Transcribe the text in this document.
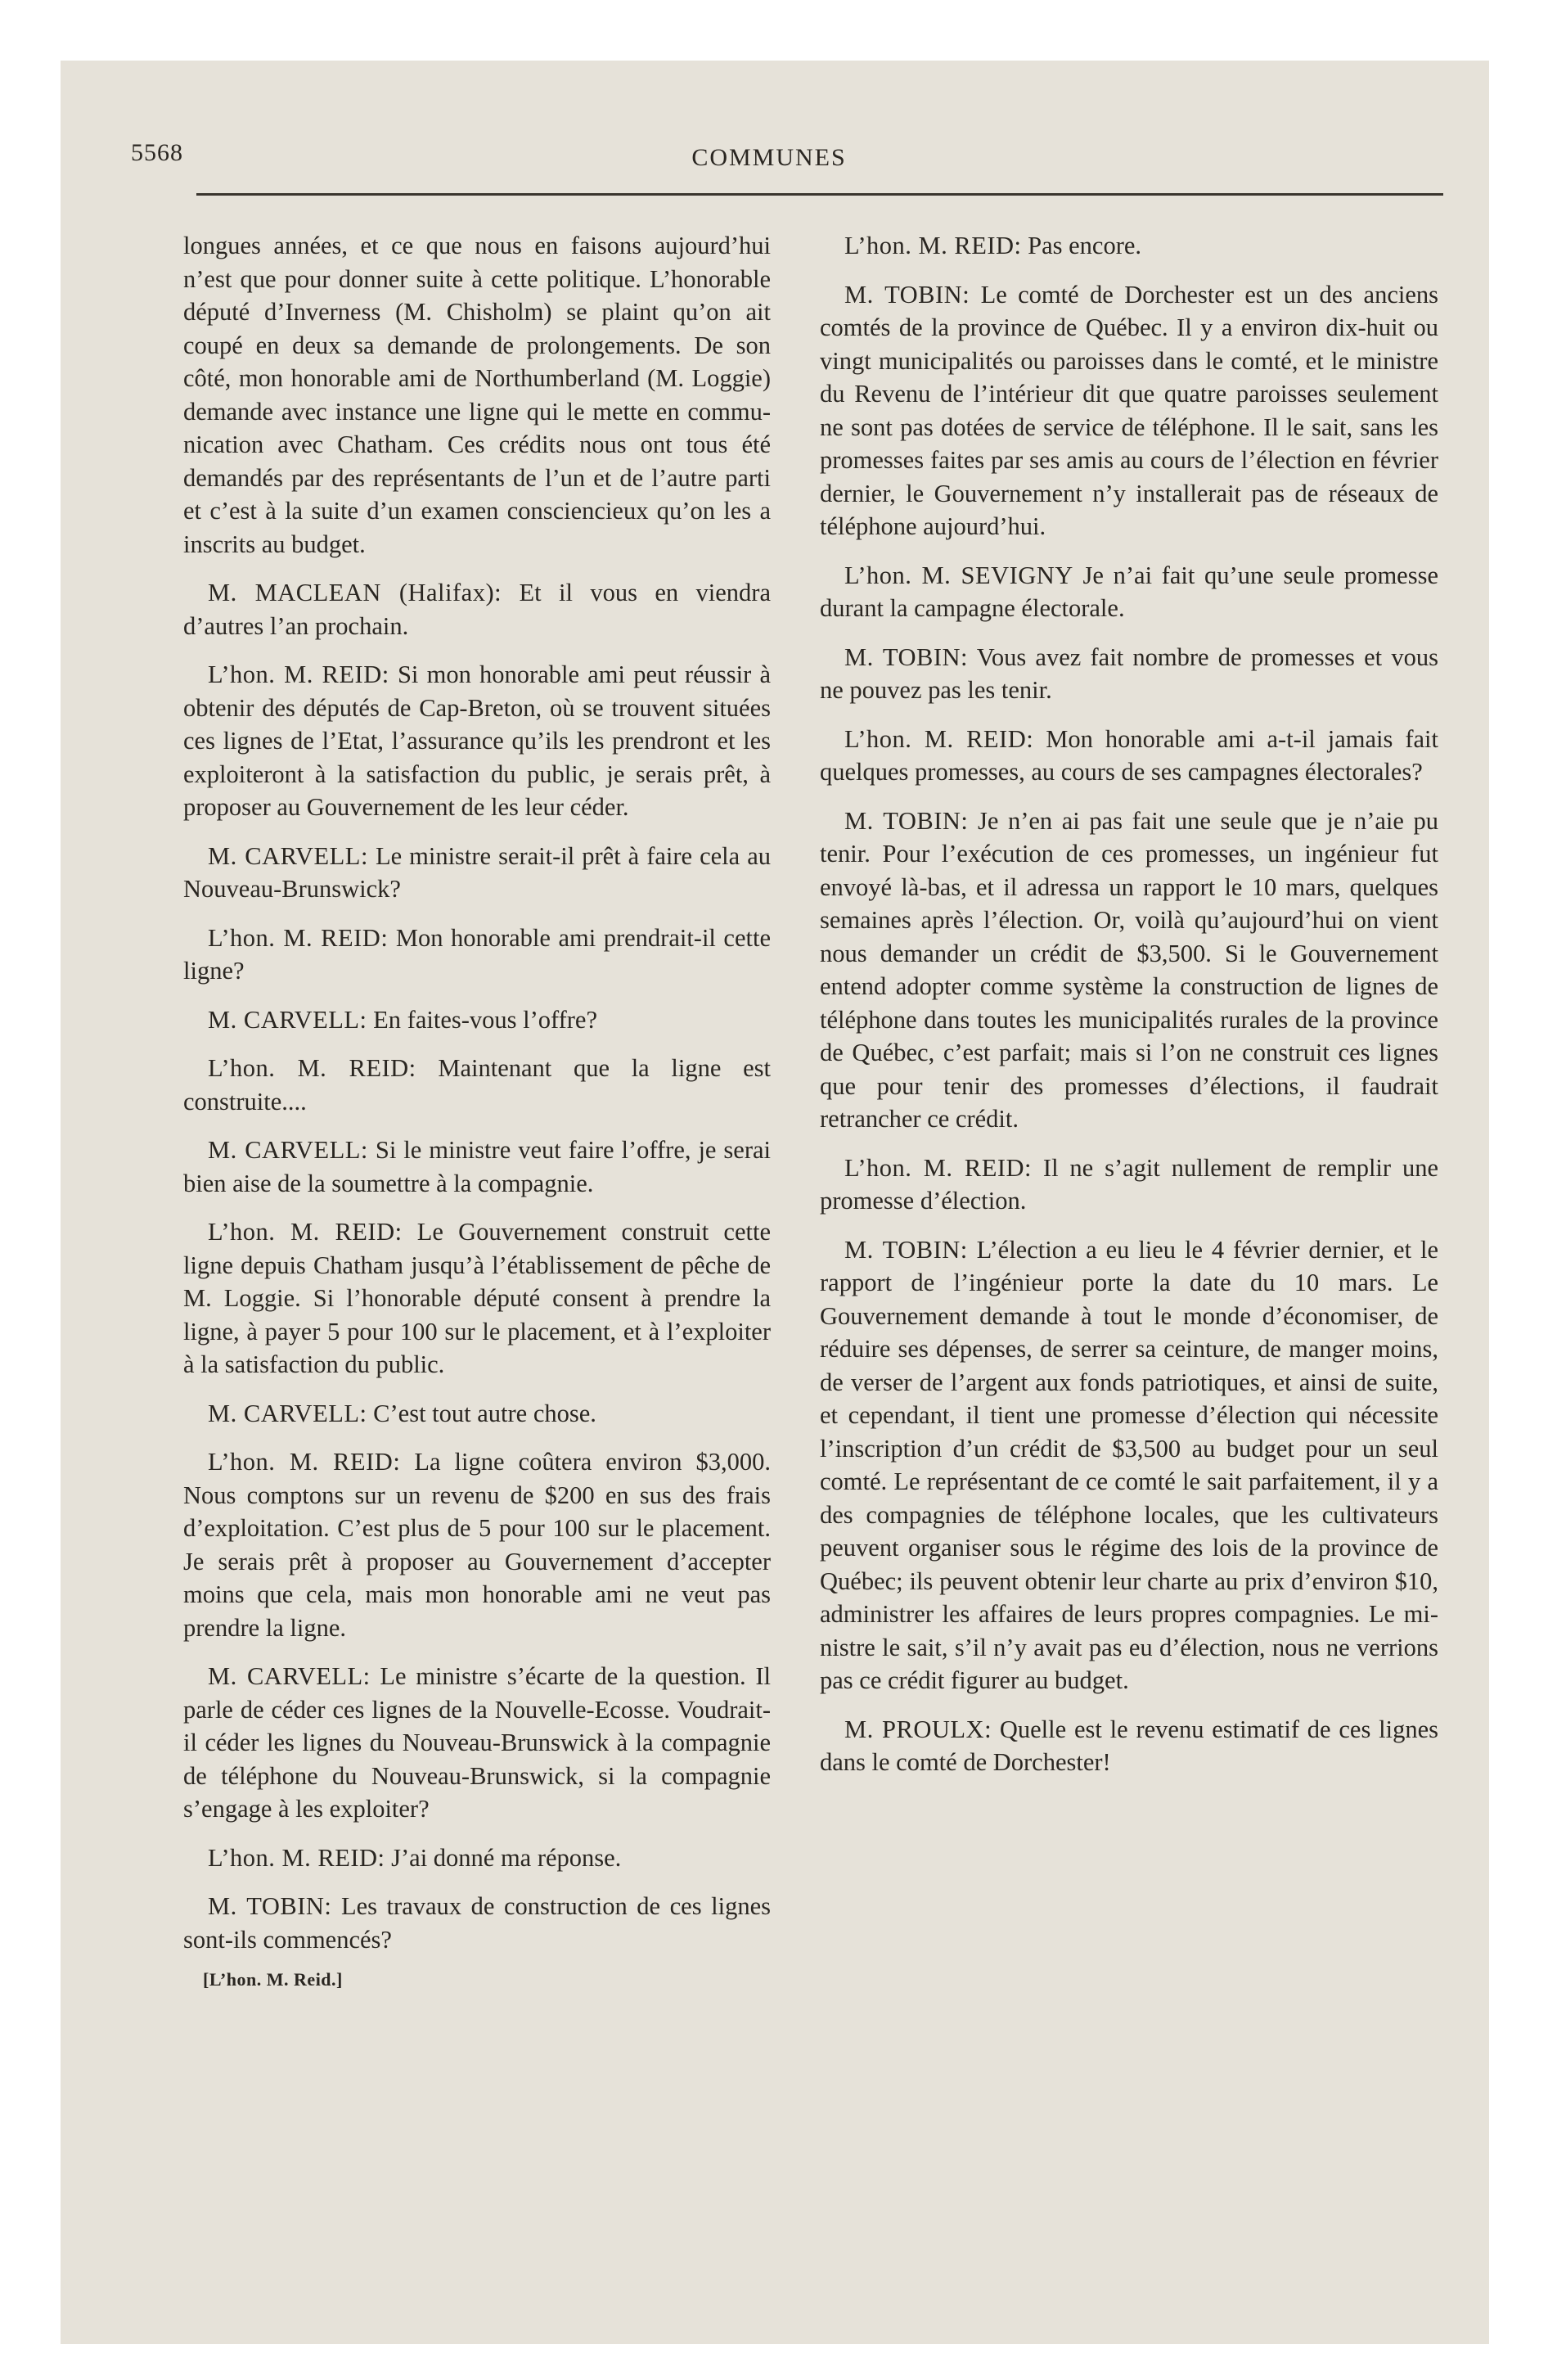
5568	COMMUNES

longues années, et ce que nous en faisons aujourd’hui n’est que pour donner suite à cette politique. L’honorable député d’Inverness (M. Chisholm) se plaint qu’on ait coupé en deux sa demande de prolongements. De son côté, mon honorable ami de Northumberland (M. Loggie) demande avec instance une ligne qui le mette en communication avec Chatham. Ces crédits nous ont tous été demandés par des représentants de l’un et de l’autre parti et c’est à la suite d’un examen consciencieux qu’on les a inscrits au budget.

M. MACLEAN (Halifax): Et il vous en viendra d’autres l’an prochain.

L’hon. M. REID: Si mon honorable ami peut réussir à obtenir des députés de Cap-Breton, où se trouvent situées ces lignes de l’Etat, l’assurance qu’ils les prendront et les exploiteront à la satisfaction du public, je serais prêt, à proposer au Gouvernement de les leur céder.

M. CARVELL: Le ministre serait-il prêt à faire cela au Nouveau-Brunswick?

L’hon. M. REID: Mon honorable ami prendrait-il cette ligne?

M. CARVELL: En faites-vous l’offre?

L’hon. M. REID: Maintenant que la ligne est construite....

M. CARVELL: Si le ministre veut faire l’offre, je serai bien aise de la soumettre à la compagnie.

L’hon. M. REID: Le Gouvernement construit cette ligne depuis Chatham jusqu’à l’établissement de pêche de M. Loggie. Si l’honorable député consent à prendre la ligne, à payer 5 pour 100 sur le placement, et à l’exploiter à la satisfaction du public.

M. CARVELL: C’est tout autre chose.

L’hon. M. REID: La ligne coûtera environ $3,000. Nous comptons sur un revenu de $200 en sus des frais d’exploitation. C’est plus de 5 pour 100 sur le placement. Je serais prêt à proposer au Gouvernement d’accepter moins que cela, mais mon honorable ami ne veut pas prendre la ligne.

M. CARVELL: Le ministre s’écarte de la question. Il parle de céder ces lignes de la Nouvelle-Ecosse. Voudrait-il céder les lignes du Nouveau-Brunswick à la compagnie de téléphone du Nouveau-Brunswick, si la compagnie s’engage à les exploiter?

L’hon. M. REID: J’ai donné ma réponse.

M. TOBIN: Les travaux de construction de ces lignes sont-ils commencés?

[L’hon. M. Reid.]

L’hon. M. REID: Pas encore.

M. TOBIN: Le comté de Dorchester est un des anciens comtés de la province de Québec. Il y a environ dix-huit ou vingt municipalités ou paroisses dans le comté, et le ministre du Revenu de l’intérieur dit que quatre paroisses seulement ne sont pas dotées de service de téléphone. Il le sait, sans les promesses faites par ses amis au cours de l’élection en février dernier, le Gouvernement n’y installerait pas de réseaux de téléphone aujourd’hui.

L’hon. M. SEVIGNY Je n’ai fait qu’une seule promesse durant la campagne électorale.

M. TOBIN: Vous avez fait nombre de promesses et vous ne pouvez pas les tenir.

L’hon. M. REID: Mon honorable ami a-t-il jamais fait quelques promesses, au cours de ses campagnes électorales?

M. TOBIN: Je n’en ai pas fait une seule que je n’aie pu tenir. Pour l’exécution de ces promesses, un ingénieur fut envoyé là-bas, et il adressa un rapport le 10 mars, quelques semaines après l’élection. Or, voilà qu’aujourd’hui on vient nous demander un crédit de $3,500. Si le Gouvernement entend adopter comme système la construction de lignes de téléphone dans toutes les municipalités rurales de la province de Québec, c’est parfait; mais si l’on ne construit ces lignes que pour tenir des promesses d’élections, il faudrait retrancher ce crédit.

L’hon. M. REID: Il ne s’agit nullement de remplir une promesse d’élection.

M. TOBIN: L’élection a eu lieu le 4 février dernier, et le rapport de l’ingénieur porte la date du 10 mars. Le Gouvernement demande à tout le monde d’économiser, de réduire ses dépenses, de serrer sa ceinture, de manger moins, de verser de l’argent aux fonds patriotiques, et ainsi de suite, et cependant, il tient une promesse d’élection qui nécessite l’inscription d’un crédit de $3,500 au budget pour un seul comté. Le représentant de ce comté le sait parfaitement, il y a des compagnies de téléphone locales, que les cultivateurs peuvent organiser sous le régime des lois de la province de Québec; ils peuvent obtenir leur charte au prix d’environ $10, administrer les affaires de leurs propres compagnies. Le ministre le sait, s’il n’y avait pas eu d’élection, nous ne verrions pas ce crédit figurer au budget.

M. PROULX: Quelle est le revenu estimatif de ces lignes dans le comté de Dorchester!
